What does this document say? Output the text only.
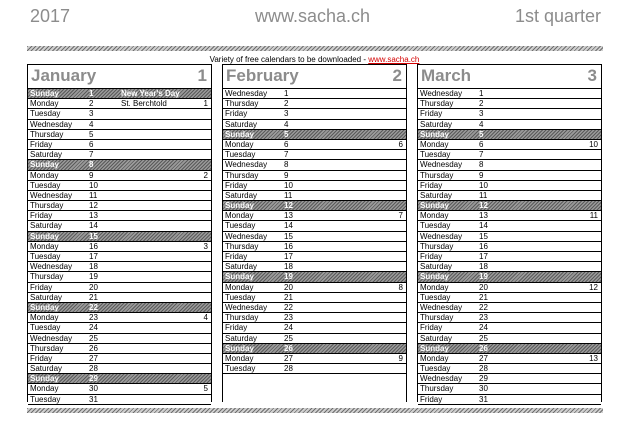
2017	www.sacha.ch	1st quarter
Variety of free calendars to be downloaded - www.sacha.ch
January	1
Sunday	1	New Year's Day
Monday	2	St. Berchtold	1
Tuesday	3
Wednesday 4
Thursday	5
Friday	6
Saturday	7
Sunday	8
Monday	9	2
Tuesday	10
Wednesday 11
Thursday	12
Friday	13
Saturday	14
Sunday	15
Monday	16	3
Tuesday	17
Wednesday 18
Thursday	19
Friday	20
Saturday	21
Sunday	22
Monday	23	4
Tuesday	24
Wednesday 25
Thursday	26
Friday	27
Saturday	28
Sunday	29
Monday	30	5
Tuesday	31
February	2
Wednesday 1
Thursday	2
Friday	3
Saturday	4
Sunday	5
Monday	6	6
Tuesday	7
Wednesday 8
Thursday	9
Friday	10
Saturday	11
Sunday	12
Monday	13	7
Tuesday	14
Wednesday 15
Thursday	16
Friday	17
Saturday	18
Sunday	19
Monday	20	8
Tuesday	21
Wednesday 22
Thursday	23
Friday	24
Saturday	25
Sunday	26
Monday	27	9
Tuesday	28
March	3
Wednesday 1
Thursday	2
Friday	3
Saturday	4
Sunday	5
Monday	6	10
Tuesday	7
Wednesday 8
Thursday	9
Friday	10
Saturday	11
Sunday	12
Monday	13	11
Tuesday	14
Wednesday 15
Thursday	16
Friday	17
Saturday	18
Sunday	19
Monday	20	12
Tuesday	21
Wednesday 22
Thursday	23
Friday	24
Saturday	25
Sunday	26
Monday	27	13
Tuesday	28
Wednesday 29
Thursday	30
Friday	31
